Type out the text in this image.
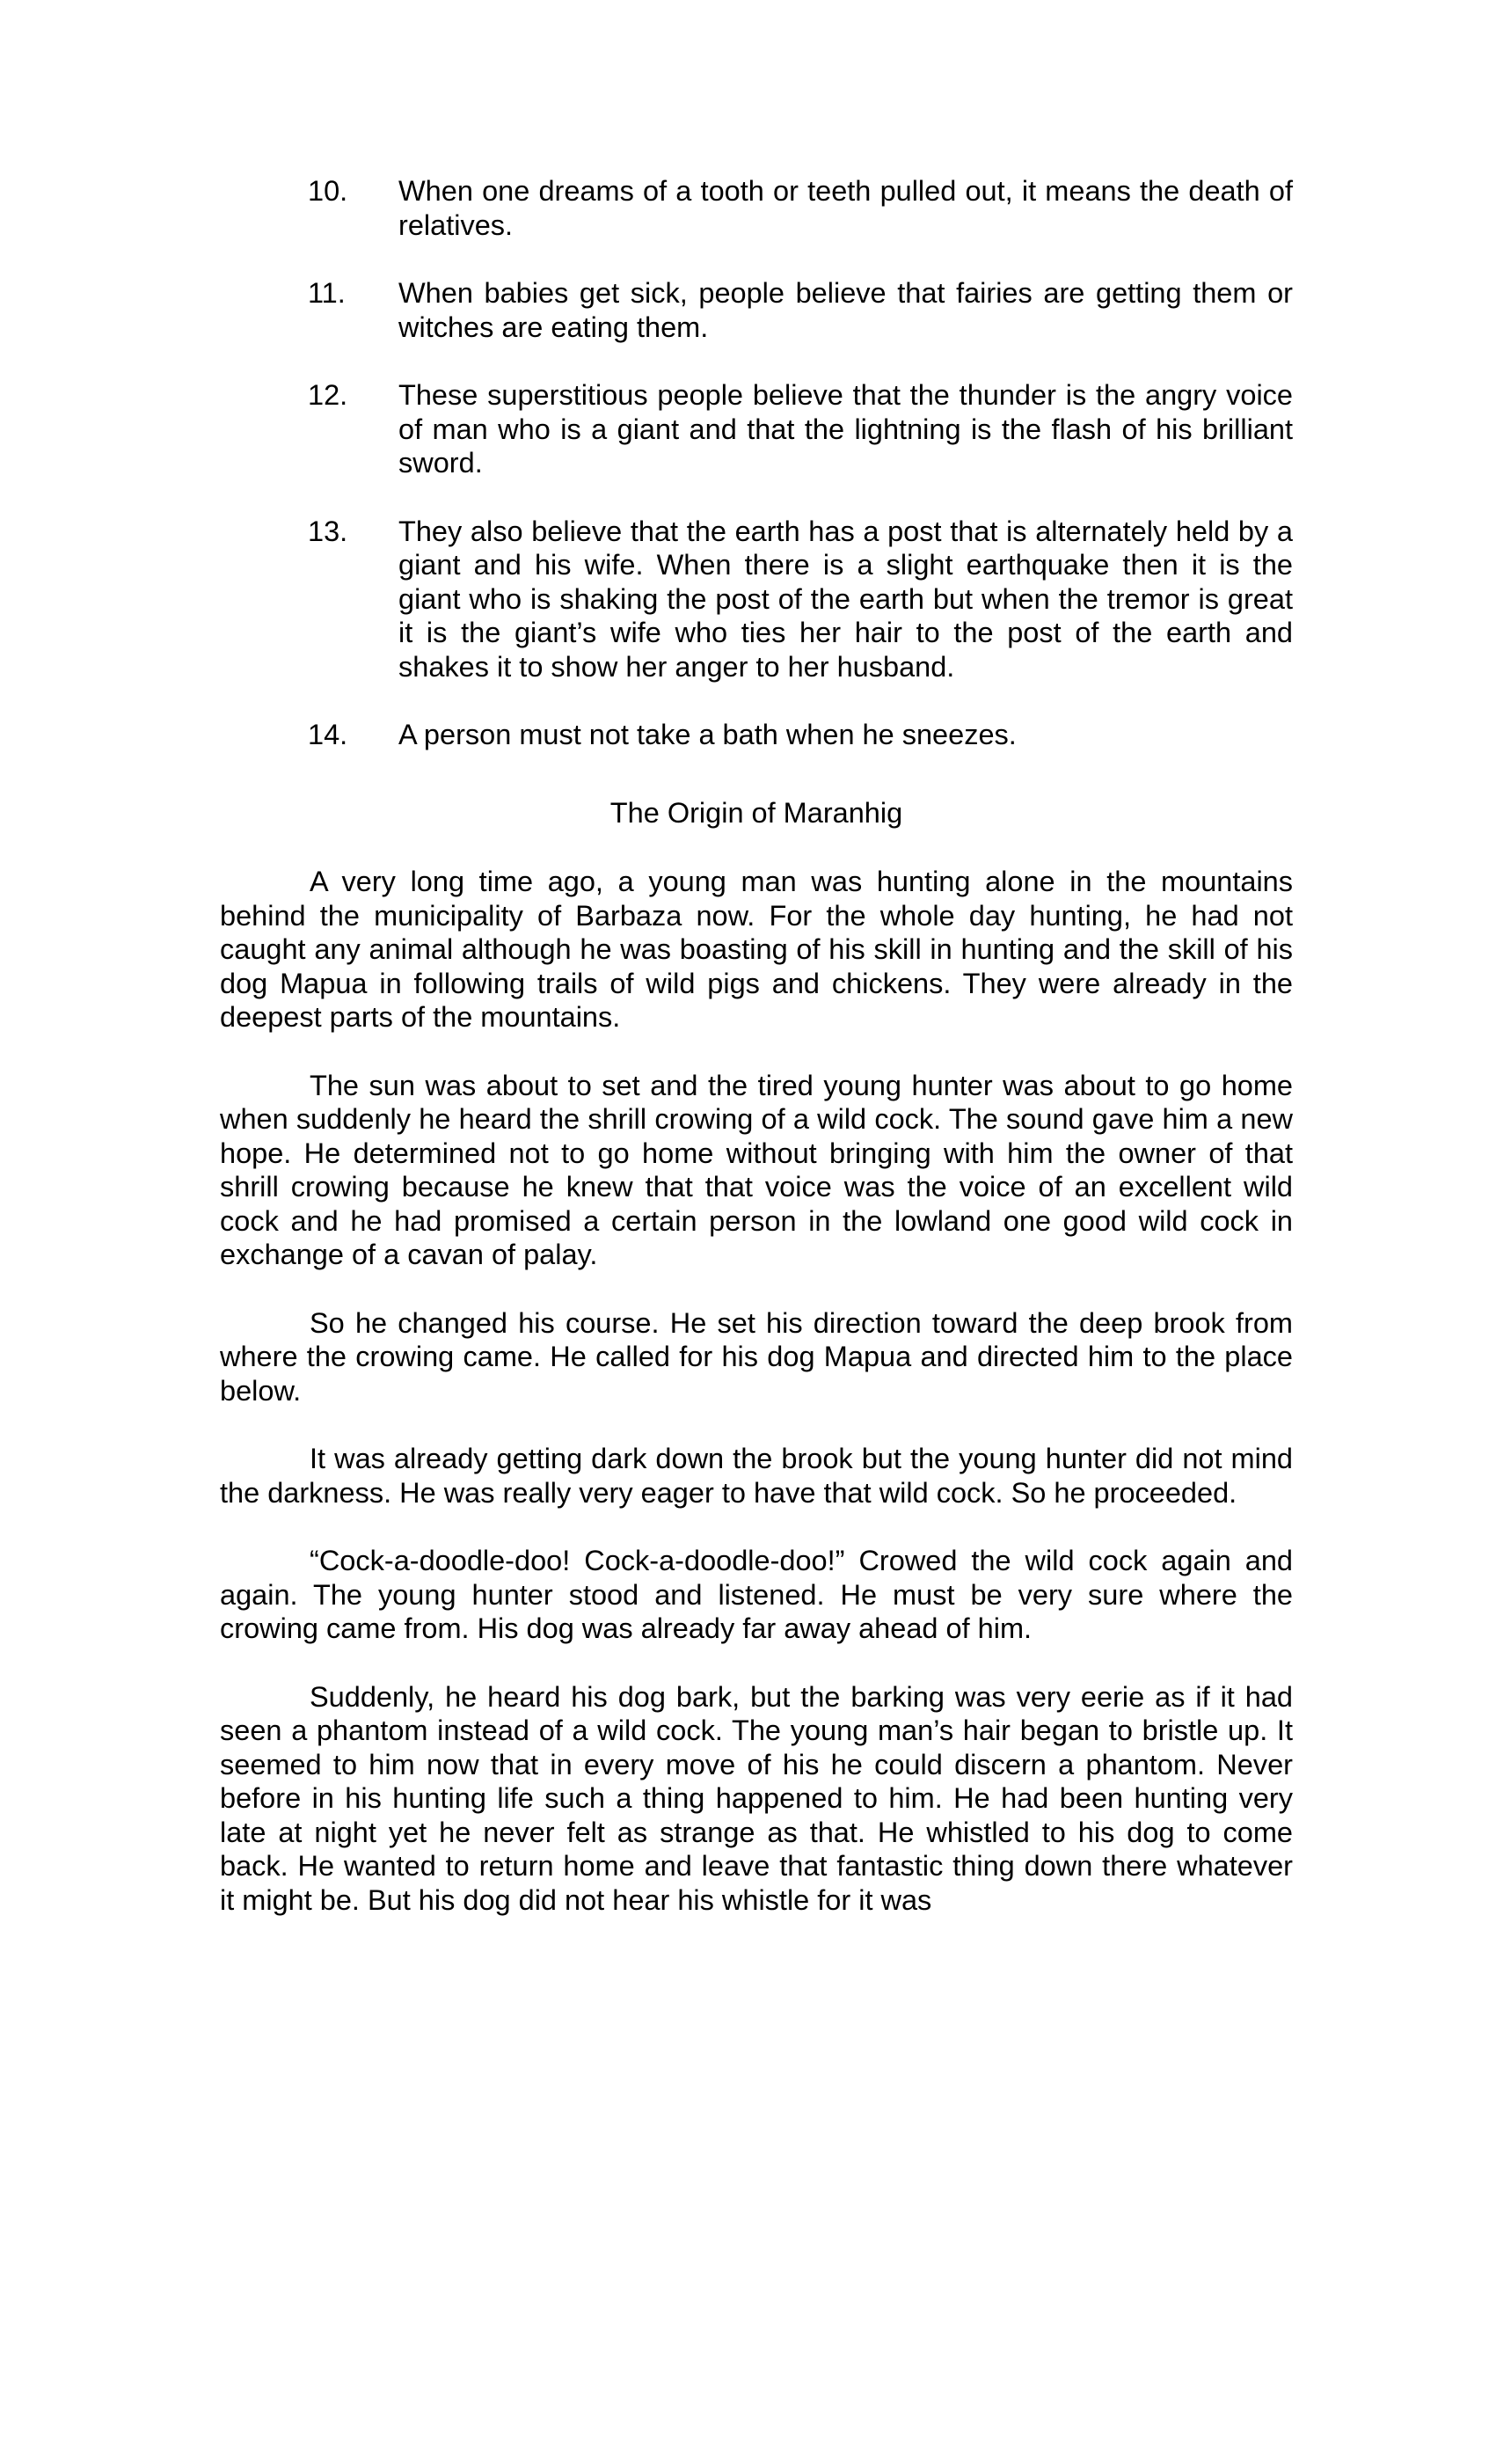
10. When one dreams of a tooth or teeth pulled out, it means the death of relatives.
11. When babies get sick, people believe that fairies are getting them or witches are eating them.
12. These superstitious people believe that the thunder is the angry voice of man who is a giant and that the lightning is the flash of his brilliant sword.
13. They also believe that the earth has a post that is alternately held by a giant and his wife. When there is a slight earthquake then it is the giant who is shaking the post of the earth but when the tremor is great it is the giant’s wife who ties her hair to the post of the earth and shakes it to show her anger to her husband.
14. A person must not take a bath when he sneezes.
The Origin of Maranhig

A very long time ago, a young man was hunting alone in the mountains behind the municipality of Barbaza now. For the whole day hunting, he had not caught any animal although he was boasting of his skill in hunting and the skill of his dog Mapua in following trails of wild pigs and chickens. They were already in the deepest parts of the mountains.

The sun was about to set and the tired young hunter was about to go home when suddenly he heard the shrill crowing of a wild cock. The sound gave him a new hope. He determined not to go home without bringing with him the owner of that shrill crowing because he knew that that voice was the voice of an excellent wild cock and he had promised a certain person in the lowland one good wild cock in exchange of a cavan of palay.

So he changed his course. He set his direction toward the deep brook from where the crowing came. He called for his dog Mapua and directed him to the place below.

It was already getting dark down the brook but the young hunter did not mind the darkness. He was really very eager to have that wild cock. So he proceeded.

“Cock-a-doodle-doo! Cock-a-doodle-doo!” Crowed the wild cock again and again. The young hunter stood and listened. He must be very sure where the crowing came from. His dog was already far away ahead of him.

Suddenly, he heard his dog bark, but the barking was very eerie as if it had seen a phantom instead of a wild cock. The young man’s hair began to bristle up. It seemed to him now that in every move of his he could discern a phantom. Never before in his hunting life such a thing happened to him. He had been hunting very late at night yet he never felt as strange as that. He whistled to his dog to come back. He wanted to return home and leave that fantastic thing down there whatever it might be. But his dog did not hear his whistle for it was
